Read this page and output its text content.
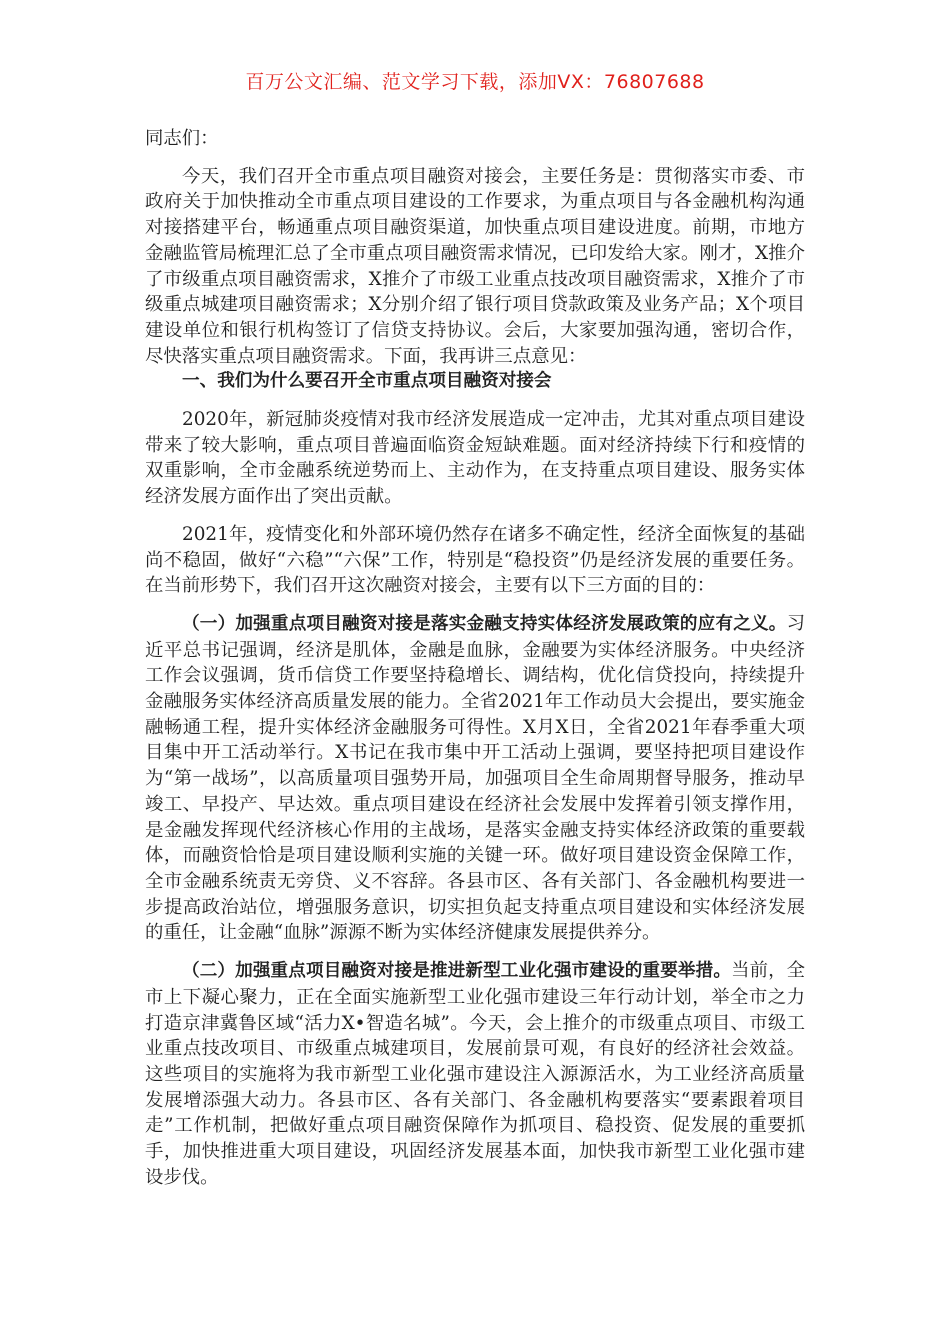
百万公文汇编、范文学习下载，添加VX：76807688

同志们：

今天，我们召开全市重点项目融资对接会，主要任务是：贯彻落实市委、市政府关于加快推动全市重点项目建设的工作要求，为重点项目与各金融机构沟通对接搭建平台，畅通重点项目融资渠道，加快重点项目建设进度。前期，市地方金融监管局梳理汇总了全市重点项目融资需求情况，已印发给大家。刚才，X推介了市级重点项目融资需求，X推介了市级工业重点技改项目融资需求，X推介了市级重点城建项目融资需求；X分别介绍了银行项目贷款政策及业务产品；X个项目建设单位和银行机构签订了信贷支持协议。会后，大家要加强沟通，密切合作，尽快落实重点项目融资需求。下面，我再讲三点意见：

一、我们为什么要召开全市重点项目融资对接会

2020年，新冠肺炎疫情对我市经济发展造成一定冲击，尤其对重点项目建设带来了较大影响，重点项目普遍面临资金短缺难题。面对经济持续下行和疫情的双重影响，全市金融系统逆势而上、主动作为，在支持重点项目建设、服务实体经济发展方面作出了突出贡献。

2021年，疫情变化和外部环境仍然存在诸多不确定性，经济全面恢复的基础尚不稳固，做好“六稳”“六保”工作，特别是“稳投资”仍是经济发展的重要任务。在当前形势下，我们召开这次融资对接会，主要有以下三方面的目的：

（一）加强重点项目融资对接是落实金融支持实体经济发展政策的应有之义。习近平总书记强调，经济是肌体，金融是血脉，金融要为实体经济服务。中央经济工作会议强调，货币信贷工作要坚持稳增长、调结构，优化信贷投向，持续提升金融服务实体经济高质量发展的能力。全省2021年工作动员大会提出，要实施金融畅通工程，提升实体经济金融服务可得性。X月X日，全省2021年春季重大项目集中开工活动举行。X书记在我市集中开工活动上强调，要坚持把项目建设作为“第一战场”，以高质量项目强势开局，加强项目全生命周期督导服务，推动早竣工、早投产、早达效。重点项目建设在经济社会发展中发挥着引领支撑作用，是金融发挥现代经济核心作用的主战场，是落实金融支持实体经济政策的重要载体，而融资恰恰是项目建设顺利实施的关键一环。做好项目建设资金保障工作，全市金融系统责无旁贷、义不容辞。各县市区、各有关部门、各金融机构要进一步提高政治站位，增强服务意识，切实担负起支持重点项目建设和实体经济发展的重任，让金融“血脉”源源不断为实体经济健康发展提供养分。

（二）加强重点项目融资对接是推进新型工业化强市建设的重要举措。当前，全市上下凝心聚力，正在全面实施新型工业化强市建设三年行动计划，举全市之力打造京津冀鲁区域“活力X•智造名城”。今天，会上推介的市级重点项目、市级工业重点技改项目、市级重点城建项目，发展前景可观，有良好的经济社会效益。这些项目的实施将为我市新型工业化强市建设注入源源活水，为工业经济高质量发展增添强大动力。各县市区、各有关部门、各金融机构要落实“要素跟着项目走”工作机制，把做好重点项目融资保障作为抓项目、稳投资、促发展的重要抓手，加快推进重大项目建设，巩固经济发展基本面，加快我市新型工业化强市建设步伐。
